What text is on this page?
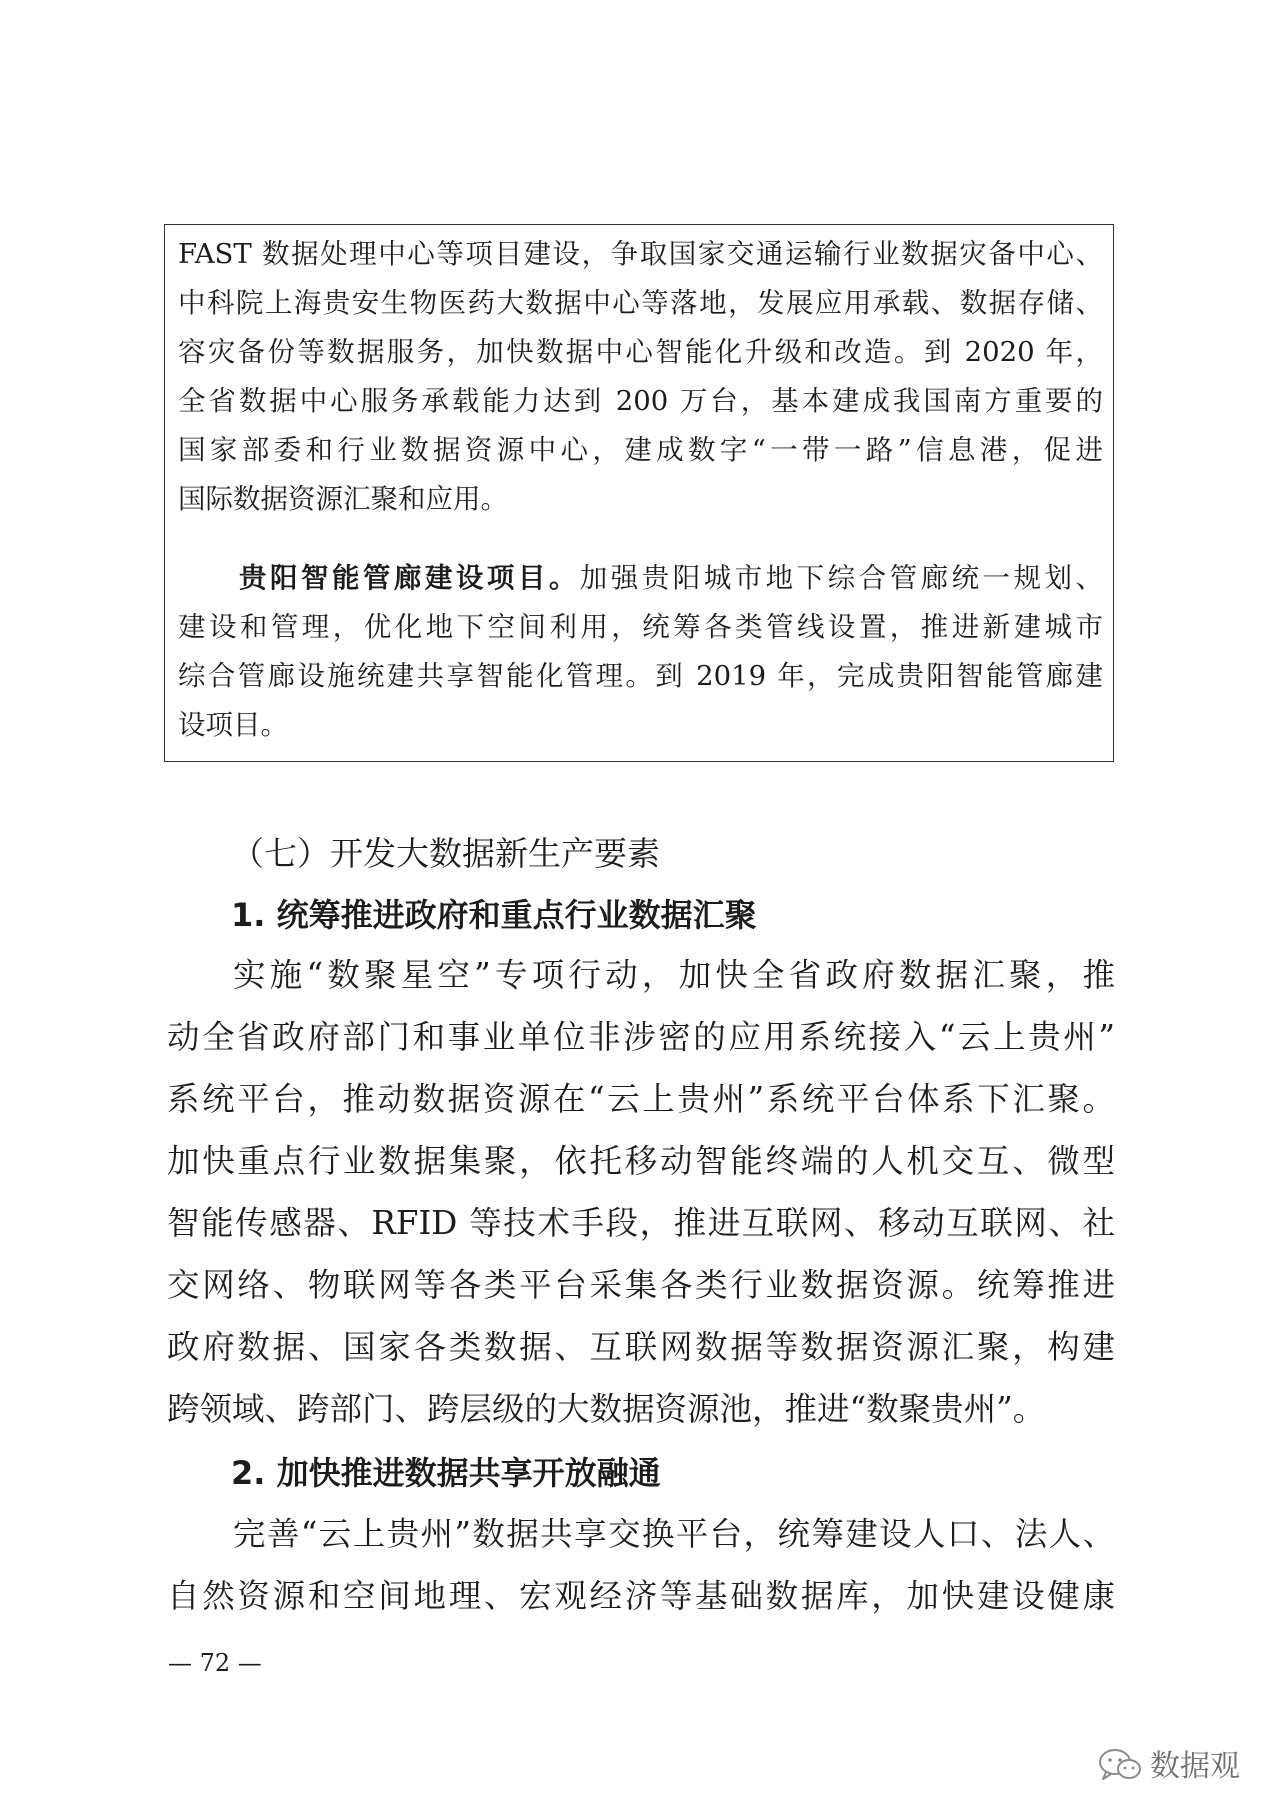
FAST 数据处理中心等项目建设，争取国家交通运输行业数据灾备中心、
中科院上海贵安生物医药大数据中心等落地，发展应用承载、数据存储、
容灾备份等数据服务，加快数据中心智能化升级和改造。到 2020 年，
全省数据中心服务承载能力达到 200 万台，基本建成我国南方重要的
国家部委和行业数据资源中心，建成数字“一带一路”信息港，促进
国际数据资源汇聚和应用。
贵阳智能管廊建设项目。加强贵阳城市地下综合管廊统一规划、
建设和管理，优化地下空间利用，统筹各类管线设置，推进新建城市
综合管廊设施统建共享智能化管理。到 2019 年，完成贵阳智能管廊建
设项目。
（七）开发大数据新生产要素
1. 统筹推进政府和重点行业数据汇聚
实施“数聚星空”专项行动，加快全省政府数据汇聚，推
动全省政府部门和事业单位非涉密的应用系统接入“云上贵州”
系统平台，推动数据资源在“云上贵州”系统平台体系下汇聚。
加快重点行业数据集聚，依托移动智能终端的人机交互、微型
智能传感器、RFID 等技术手段，推进互联网、移动互联网、社
交网络、物联网等各类平台采集各类行业数据资源。统筹推进
政府数据、国家各类数据、互联网数据等数据资源汇聚，构建
跨领域、跨部门、跨层级的大数据资源池，推进“数聚贵州”。
2. 加快推进数据共享开放融通
完善“云上贵州”数据共享交换平台，统筹建设人口、法人、
自然资源和空间地理、宏观经济等基础数据库，加快建设健康
— 72 —
数据观
